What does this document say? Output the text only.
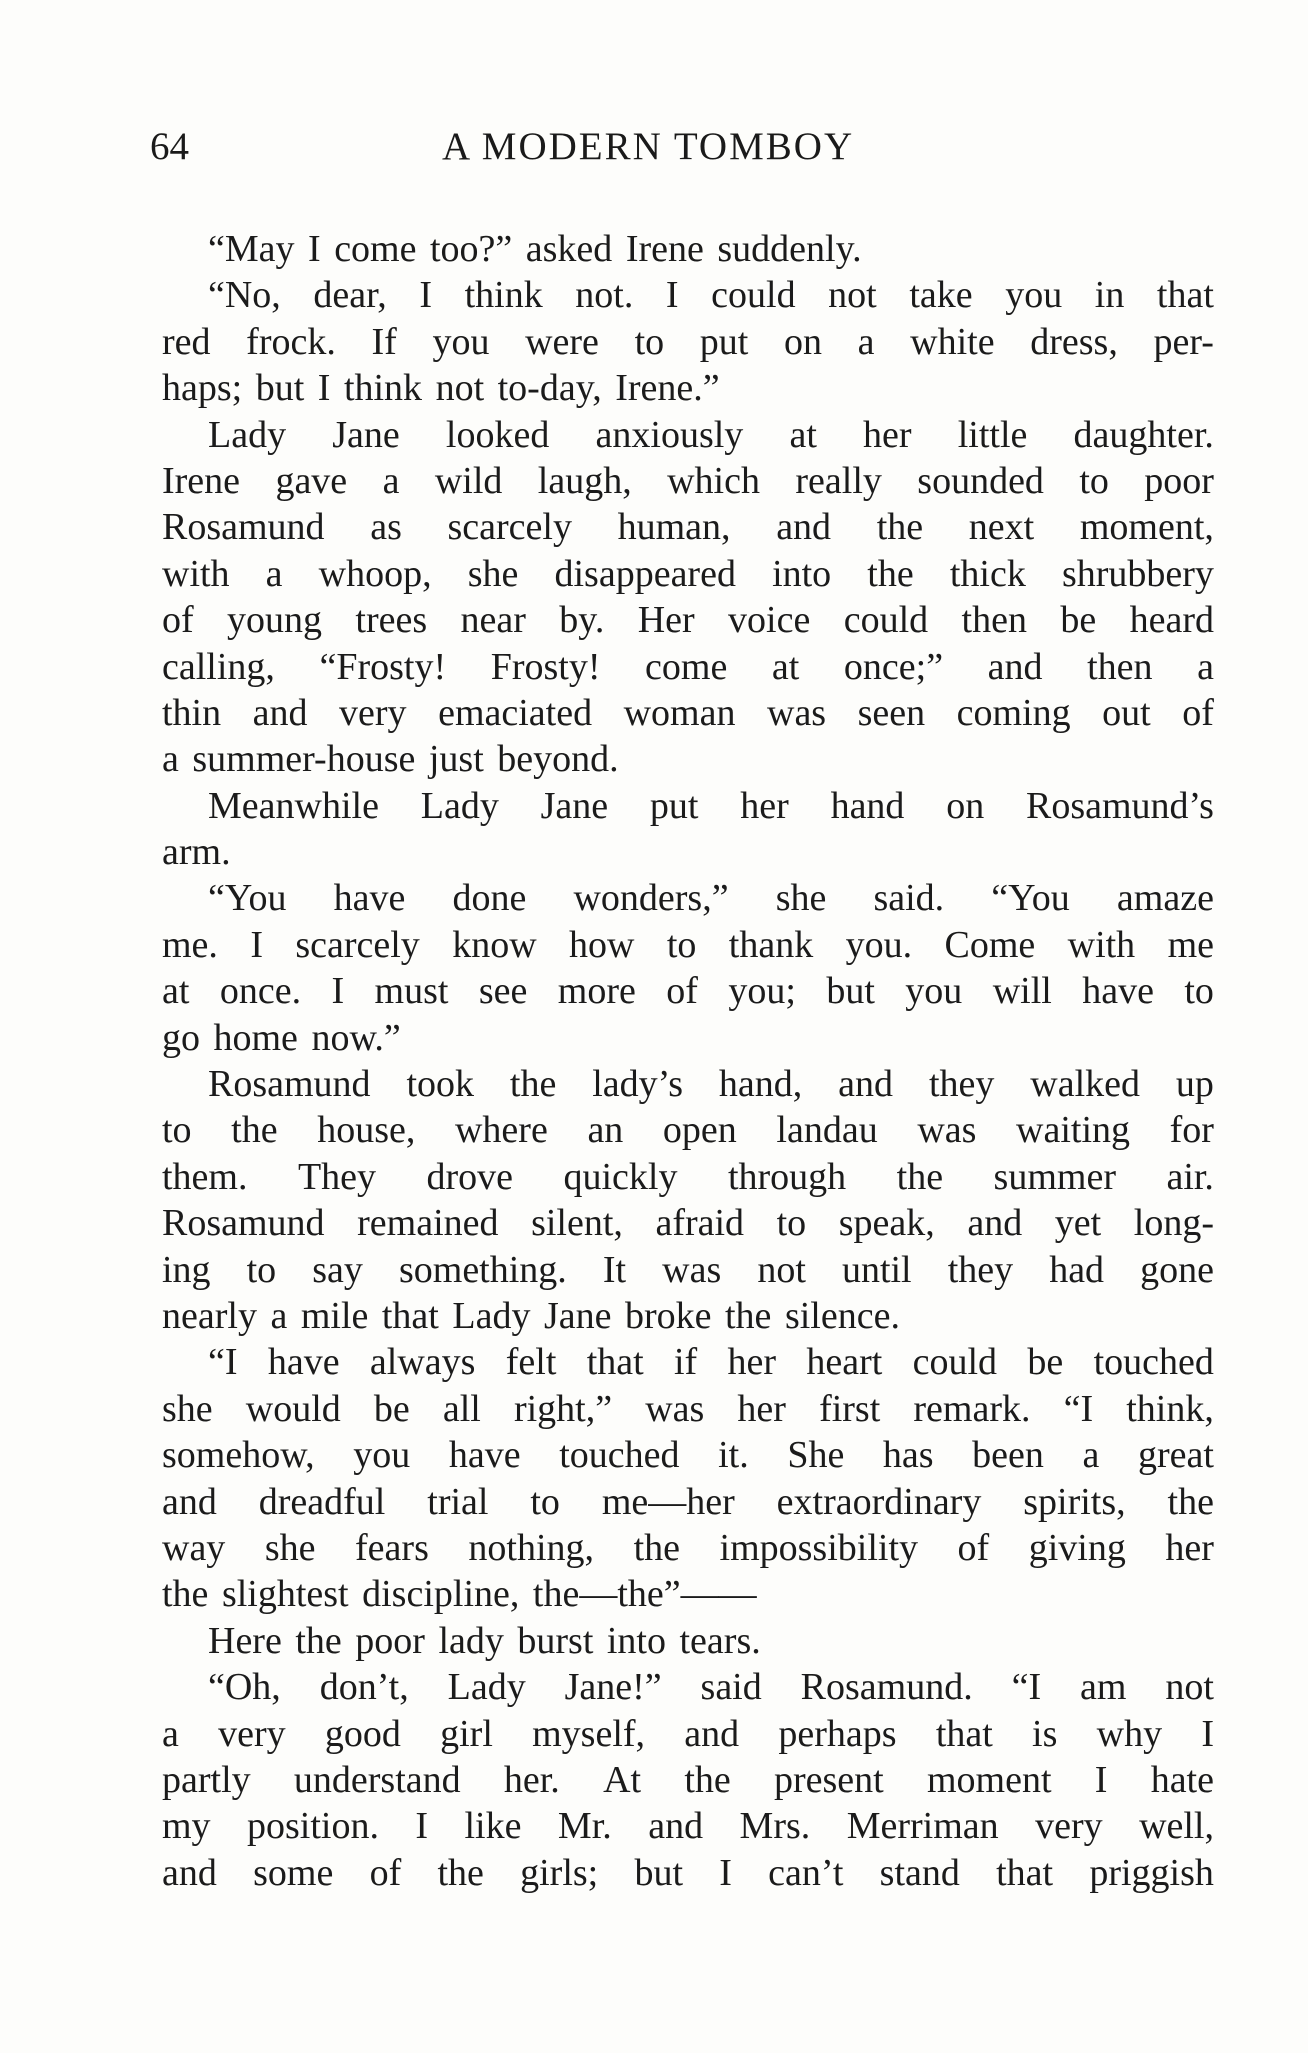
64	A MODERN TOMBOY
“May I come too?” asked Irene suddenly.
“No, dear, I think not. I could not take you in that
red frock. If you were to put on a white dress, per-
haps; but I think not to-day, Irene.”
Lady Jane looked anxiously at her little daughter.
Irene gave a wild laugh, which really sounded to poor
Rosamund as scarcely human, and the next moment,
with a whoop, she disappeared into the thick shrubbery
of young trees near by. Her voice could then be heard
calling, “Frosty! Frosty! come at once;” and then a
thin and very emaciated woman was seen coming out of
a summer-house just beyond.
Meanwhile Lady Jane put her hand on Rosamund’s
arm.
“You have done wonders,” she said. “You amaze
me. I scarcely know how to thank you. Come with me
at once. I must see more of you; but you will have to
go home now.”
Rosamund took the lady’s hand, and they walked up
to the house, where an open landau was waiting for
them. They drove quickly through the summer air.
Rosamund remained silent, afraid to speak, and yet long-
ing to say something. It was not until they had gone
nearly a mile that Lady Jane broke the silence.
“I have always felt that if her heart could be touched
she would be all right,” was her first remark. “I think,
somehow, you have touched it. She has been a great
and dreadful trial to me—her extraordinary spirits, the
way she fears nothing, the impossibility of giving her
the slightest discipline, the—the”——
Here the poor lady burst into tears.
“Oh, don’t, Lady Jane!” said Rosamund. “I am not
a very good girl myself, and perhaps that is why I
partly understand her. At the present moment I hate
my position. I like Mr. and Mrs. Merriman very well,
and some of the girls; but I can’t stand that priggish
